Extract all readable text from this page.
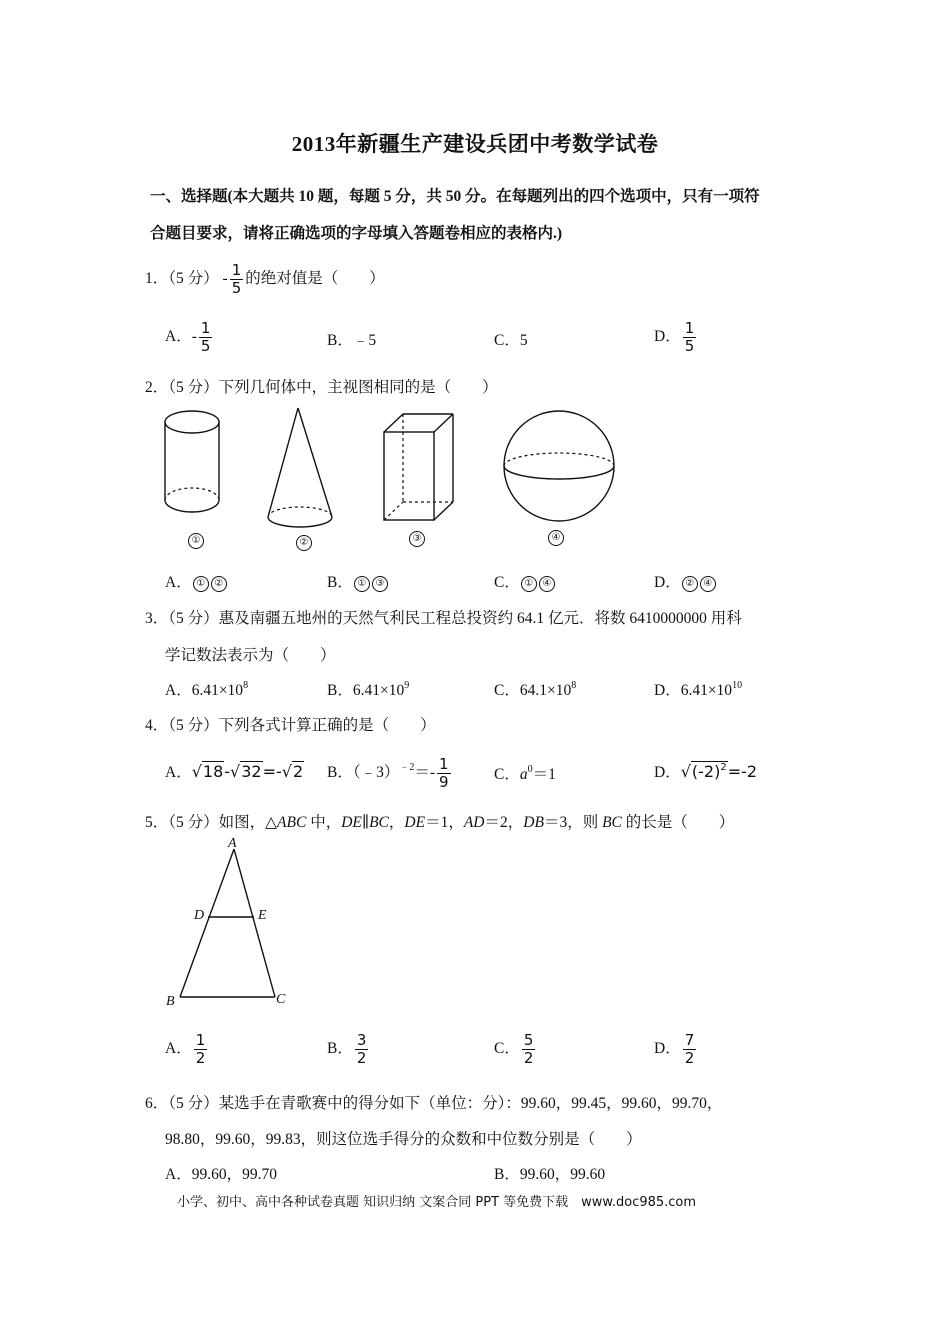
2013年新疆生产建设兵团中考数学试卷
一、选择题(本大题共 10 题，每题 5 分，共 50 分。在每题列出的四个选项中，只有一项符
合题目要求，请将正确选项的字母填入答题卷相应的表格内.)
1．（5 分） - $\frac{1}{5}$ 的绝对值是（　　）
A．- $\frac{1}{5}$	B．﹣5	C．5	D． $\frac{1}{5}$
2．（5 分）下列几何体中，主视图相同的是（　　）
①	②	③	④
A． ① ②	B． ① ③	C． ① ④	D． ② ④
3．（5 分）惠及南疆五地州的天然气利民工程总投资约 64.1 亿元．将数 6410000000 用科
学记数法表示为（　　）
A．$6.41\times 10^8$	B．$6.41\times 10^9$	C．$64.1\times 10^8$	D．$6.41\times 10^{10}$
4．（5 分）下列各式计算正确的是（　　）
A．√18-√32=-√2 B．（﹣3）$^{﹣2}$＝- $\frac{1}{9}$	C．$a^0=1$	D．$√(-2)^2=-2$
5．（5 分）如图，△ABC 中，DE∥BC，DE＝1，AD＝2，DB＝3，则 BC 的长是（　　）
A
D	E
B	C
A． $\frac{1}{2}$	B． $\frac{3}{2}$	C． $\frac{5}{2}$	D． $\frac{7}{2}$
6．（5 分）某选手在青歌赛中的得分如下（单位：分）：99.60，99.45，99.60，99.70，
98.80，99.60，99.83，则这位选手得分的众数和中位数分别是（　　）
A．99.60，99.70	B．99.60，99.60
小学、初中、高中各种试卷真题 知识归纳 文案合同 PPT 等免费下载　www.doc985.com
